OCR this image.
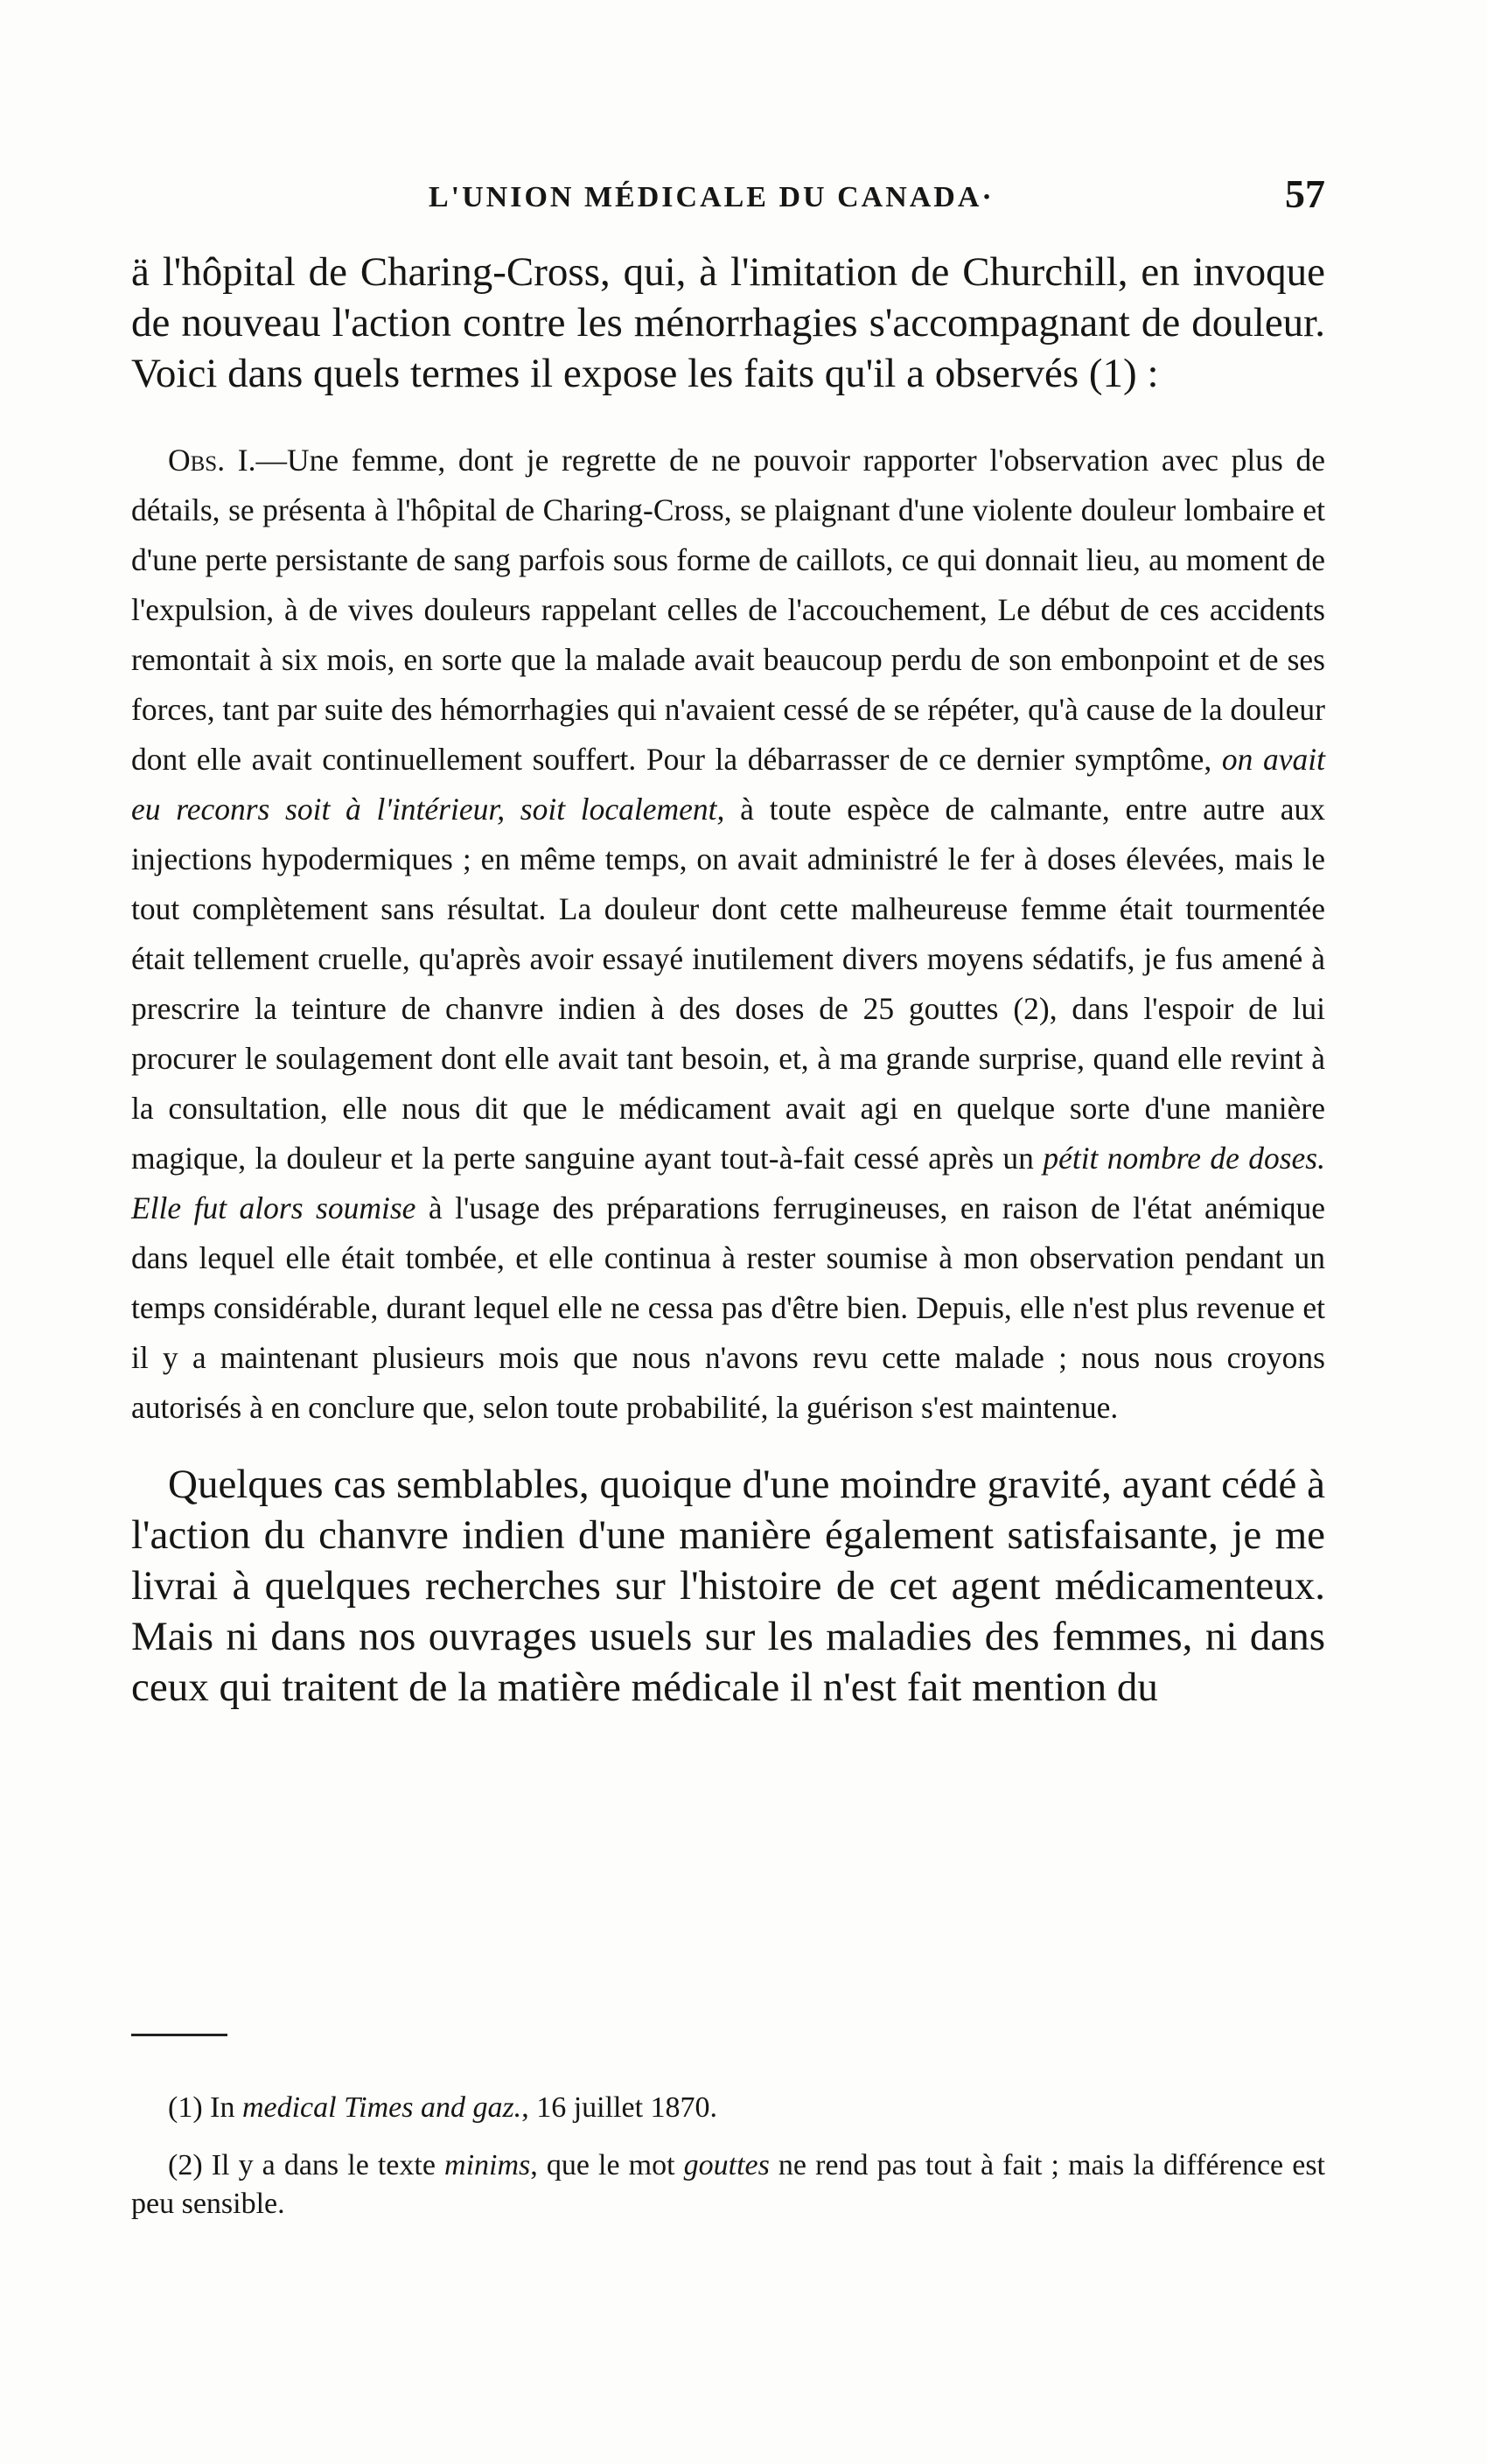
L'UNION MÉDICALE DU CANADA·	57

ä l'hôpital de Charing-Cross, qui, à l'imitation de Churchill, en invoque de nouveau l'action contre les ménorrhagies s'accompagnant de douleur. Voici dans quels termes il expose les faits qu'il a observés (1) :

Obs. I.—Une femme, dont je regrette de ne pouvoir rapporter l'observation avec plus de détails, se présenta à l'hôpital de Charing-Cross, se plaignant d'une violente douleur lombaire et d'une perte persistante de sang parfois sous forme de caillots, ce qui donnait lieu, au moment de l'expulsion, à de vives douleurs rappelant celles de l'accouchement, Le début de ces accidents remontait à six mois, en sorte que la malade avait beaucoup perdu de son embonpoint et de ses forces, tant par suite des hémorrhagies qui n'avaient cessé de se répéter, qu'à cause de la douleur dont elle avait continuellement souffert. Pour la débarrasser de ce dernier symptôme, on avait eu reconrs soit à l'intérieur, soit localement, à toute espèce de calmante, entre autre aux injections hypodermiques ; en même temps, on avait administré le fer à doses élevées, mais le tout complètement sans résultat. La douleur dont cette malheureuse femme était tourmentée était tellement cruelle, qu'après avoir essayé inutilement divers moyens sédatifs, je fus amené à prescrire la teinture de chanvre indien à des doses de 25 gouttes (2), dans l'espoir de lui procurer le soulagement dont elle avait tant besoin, et, à ma grande surprise, quand elle revint à la consultation, elle nous dit que le médicament avait agi en quelque sorte d'une manière magique, la douleur et la perte sanguine ayant tout-à-fait cessé après un pétit nombre de doses. Elle fut alors soumise à l'usage des préparations ferrugineuses, en raison de l'état anémique dans lequel elle était tombée, et elle continua à rester soumise à mon observation pendant un temps considérable, durant lequel elle ne cessa pas d'être bien. Depuis, elle n'est plus revenue et il y a maintenant plusieurs mois que nous n'avons revu cette malade ; nous nous croyons autorisés à en conclure que, selon toute probabilité, la guérison s'est maintenue.

Quelques cas semblables, quoique d'une moindre gravité, ayant cédé à l'action du chanvre indien d'une manière également satisfaisante, je me livrai à quelques recherches sur l'histoire de cet agent médicamenteux. Mais ni dans nos ouvrages usuels sur les maladies des femmes, ni dans ceux qui traitent de la matière médicale il n'est fait mention du

(1) In medical Times and gaz., 16 juillet 1870.

(2) Il y a dans le texte minims, que le mot gouttes ne rend pas tout à fait ; mais la différence est peu sensible.
